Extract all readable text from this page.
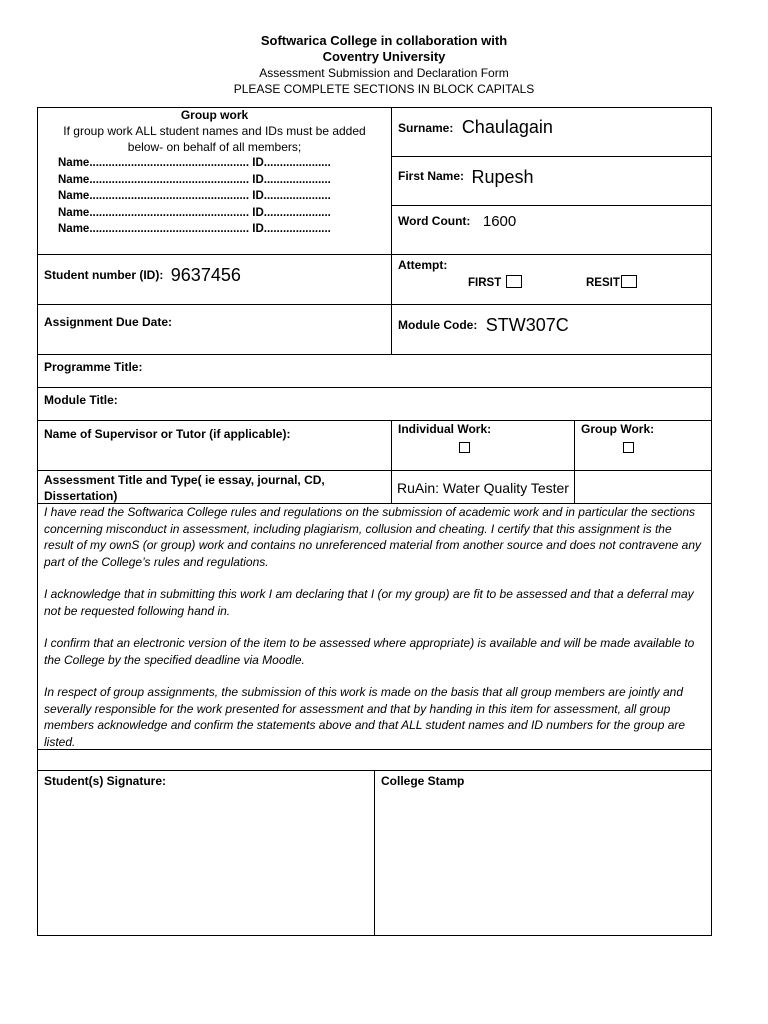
Softwarica College in collaboration with
Coventry University
Assessment Submission and Declaration Form
PLEASE COMPLETE SECTIONS IN BLOCK CAPITALS
Group work
If group work ALL student names and IDs must be added
below- on behalf of all members;
Name.................................................. ID.....................
Name.................................................. ID.....................
Name.................................................. ID.....................
Name.................................................. ID.....................
Name.................................................. ID.....................
Surname: Chaulagain
First Name: Rupesh
Word Count: 1600
Student number (ID): 9637456	Attempt:
FIRST	RESIT
Assignment Due Date:	Module Code: STW307C
Programme Title:
Module Title:
Name of Supervisor or Tutor (if applicable):	Individual Work:	Group Work:
Assessment Title and Type( ie essay, journal, CD,
Dissertation)	RuAin: Water Quality Tester

I have read the Softwarica College rules and regulations on the submission of academic work and in particular the sections concerning misconduct in assessment, including plagiarism, collusion and cheating. I certify that this assignment is the result of my ownS (or group) work and contains no unreferenced material from another source and does not contravene any part of the College’s rules and regulations.

I acknowledge that in submitting this work I am declaring that I (or my group) are fit to be assessed and that a deferral may not be requested following hand in.

I confirm that an electronic version of the item to be assessed where appropriate) is available and will be made available to the College by the specified deadline via Moodle.

In respect of group assignments, the submission of this work is made on the basis that all group members are jointly and severally responsible for the work presented for assessment and that by handing in this item for assessment, all group members acknowledge and confirm the statements above and that ALL student names and ID numbers for the group are listed.

Student(s) Signature:	College Stamp
